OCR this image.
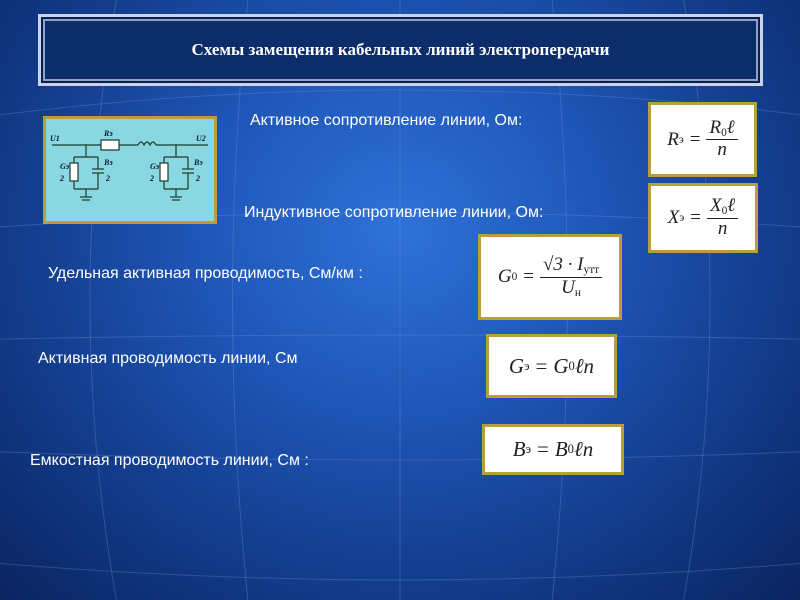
Схемы замещения кабельных линий электропередачи
U1	U2
Rэ
Gэ
2
Bэ
2
Gэ
2
Bэ
2
Активное сопротивление линии, Ом:
Индуктивное сопротивление линии, Ом:
Удельная активная проводимость, См/км :
Активная проводимость линии, См
Емкостная проводимость линии, См :
R $э = \frac{R_0\ell}{n}$
X $э = \frac{X_0\ell}{n}$
G $0 = \frac{√3 \cdot I_{утт}}{U_н}$
G э = G 0 ℓn
B э = B 0 ℓn
